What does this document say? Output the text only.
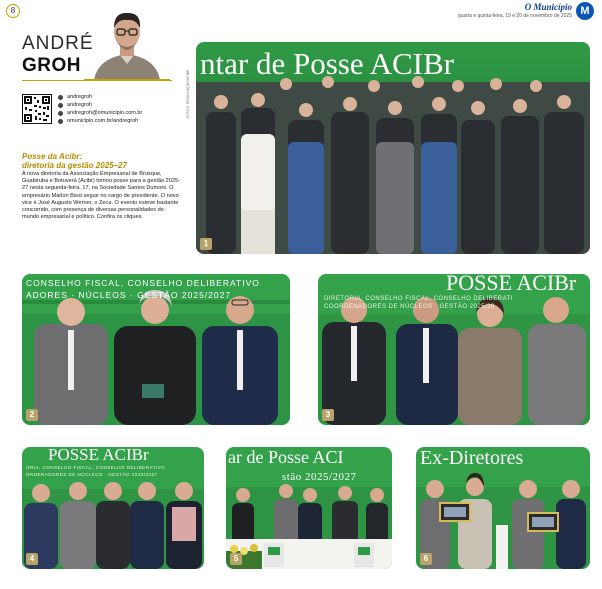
8	O Município
quarta e quinta-feira, 19 e 20 de novembro de 2025 M
ANDRÉ
GROH
andregroh
andregroh
andregroh@omunicipio.com.br
omunicipio.com.br/andregroh
Posse da Acibr:
diretoria da gestão 2025–27
A nova diretoria da Associação Empresarial de Brusque, Guabiruba e Botuverá (Acibr) tomou posse para a gestão 2025-27 nesta segunda-feira, 17, na Sociedade Santos Dumont. O empresário Marlon Bissi segue no cargo de presidente. O novo vice é José Augusto Werner, o Zeca. O evento esteve bastante concorrido, com presença de diversas personalidades do mundo empresarial e político. Confira os cliques.
FOTOS: DIVULGAÇÃO/ACIBR
ntar de Posse ACIBr
1
CONSELHO FISCAL, CONSELHO DELIBERATIVO
ADORES · NÚCLEOS · GESTÃO 2025/2027
2
POSSE ACIBr
DIRETORIA, CONSELHO FISCAL, CONSELHO DELIBERATI
COORDENADORES DE NÚCLEOS · GESTÃO 2025/20
3
POSSE ACIBr
ORIA, CONSELHO FISCAL, CONSELHO DELIBERATIVO
ORDENADORES DE NÚCLEOS · GESTÃO 2025/2027
4
ar de Posse ACI
stão 2025/2027
5
Ex-Diretores
6
